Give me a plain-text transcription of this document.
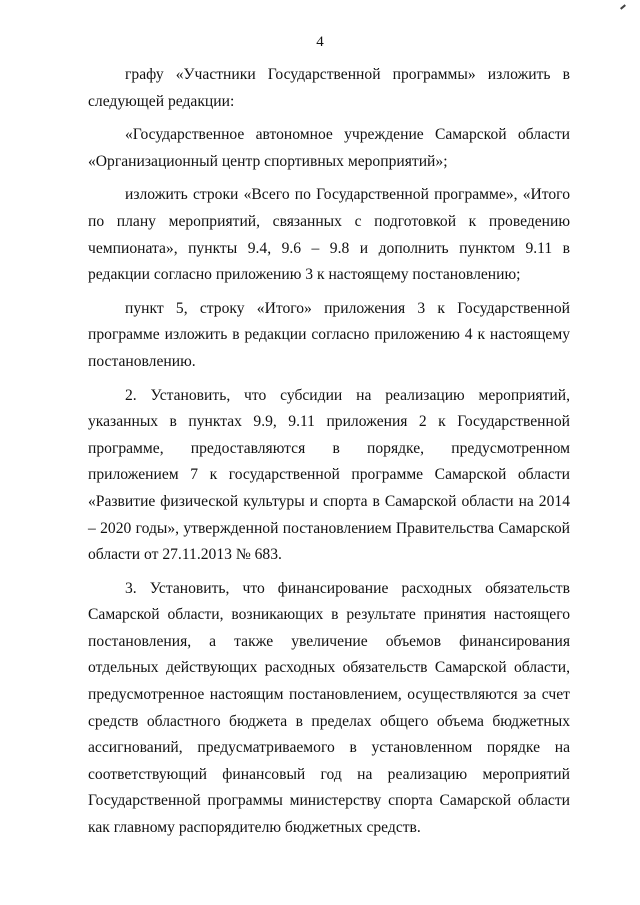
4

графу «Участники Государственной программы» изложить в следующей редакции:

«Государственное автономное учреждение Самарской области «Организационный центр спортивных мероприятий»;

изложить строки «Всего по Государственной программе», «Итого по плану мероприятий, связанных с подготовкой к проведению чемпионата», пункты 9.4, 9.6 – 9.8 и дополнить пунктом 9.11 в редакции согласно приложению 3 к настоящему постановлению;

пункт 5, строку «Итого» приложения 3 к Государственной программе изложить в редакции согласно приложению 4 к настоящему постановлению.

2. Установить, что субсидии на реализацию мероприятий, указанных в пунктах 9.9, 9.11 приложения 2 к Государственной программе, предоставляются в порядке, предусмотренном приложением 7 к государственной программе Самарской области «Развитие физической культуры и спорта в Самарской области на 2014 – 2020 годы», утвержденной постановлением Правительства Самарской области от 27.11.2013 № 683.

3. Установить, что финансирование расходных обязательств Самарской области, возникающих в результате принятия настоящего постановления, а также увеличение объемов финансирования отдельных действующих расходных обязательств Самарской области, предусмотренное настоящим постановлением, осуществляются за счет средств областного бюджета в пределах общего объема бюджетных ассигнований, предусматриваемого в установленном порядке на соответствующий финансовый год на реализацию мероприятий Государственной программы министерству спорта Самарской области как главному распорядителю бюджетных средств.
